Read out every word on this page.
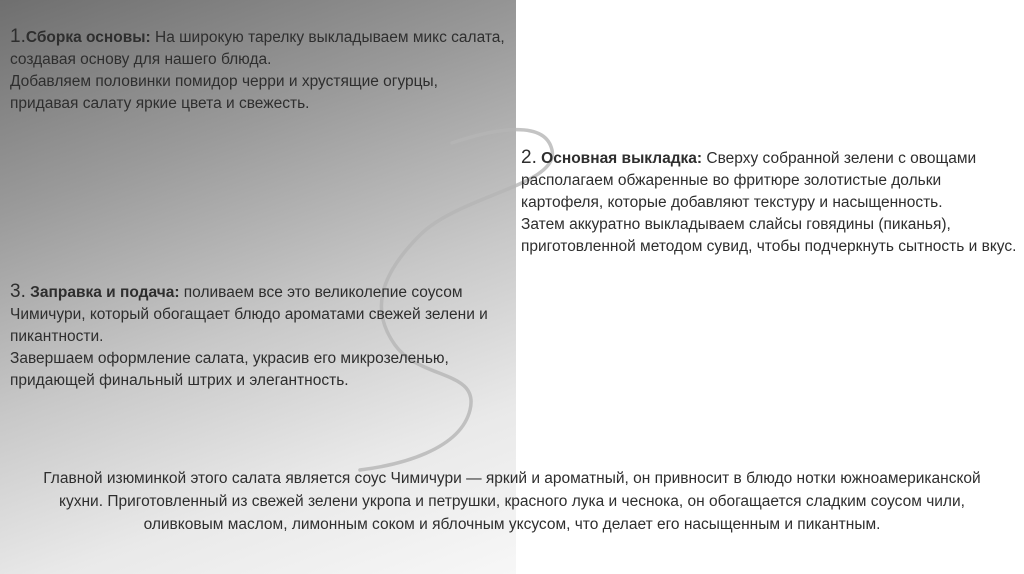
1.Сборка основы: На широкую тарелку выкладываем микс салата, создавая основу для нашего блюда.

Добавляем половинки помидор черри и хрустящие огурцы, придавая салату яркие цвета и свежесть.

2. Основная выкладка: Сверху собранной зелени с овощами располагаем обжаренные во фритюре золотистые дольки картофеля, которые добавляют текстуру и насыщенность.

Затем аккуратно выкладываем слайсы говядины (пиканья), приготовленной методом сувид, чтобы подчеркнуть сытность и вкус.

3. Заправка и подача: поливаем все это великолепие соусом Чимичури, который обогащает блюдо ароматами свежей зелени и пикантности.

Завершаем оформление салата, украсив его микрозеленью, придающей финальный штрих и элегантность.

Главной изюминкой этого салата является соус Чимичури — яркий и ароматный, он привносит в блюдо нотки южноамериканской кухни. Приготовленный из свежей зелени укропа и петрушки, красного лука и чеснока, он обогащается сладким соусом чили, оливковым маслом, лимонным соком и яблочным уксусом, что делает его насыщенным и пикантным.
